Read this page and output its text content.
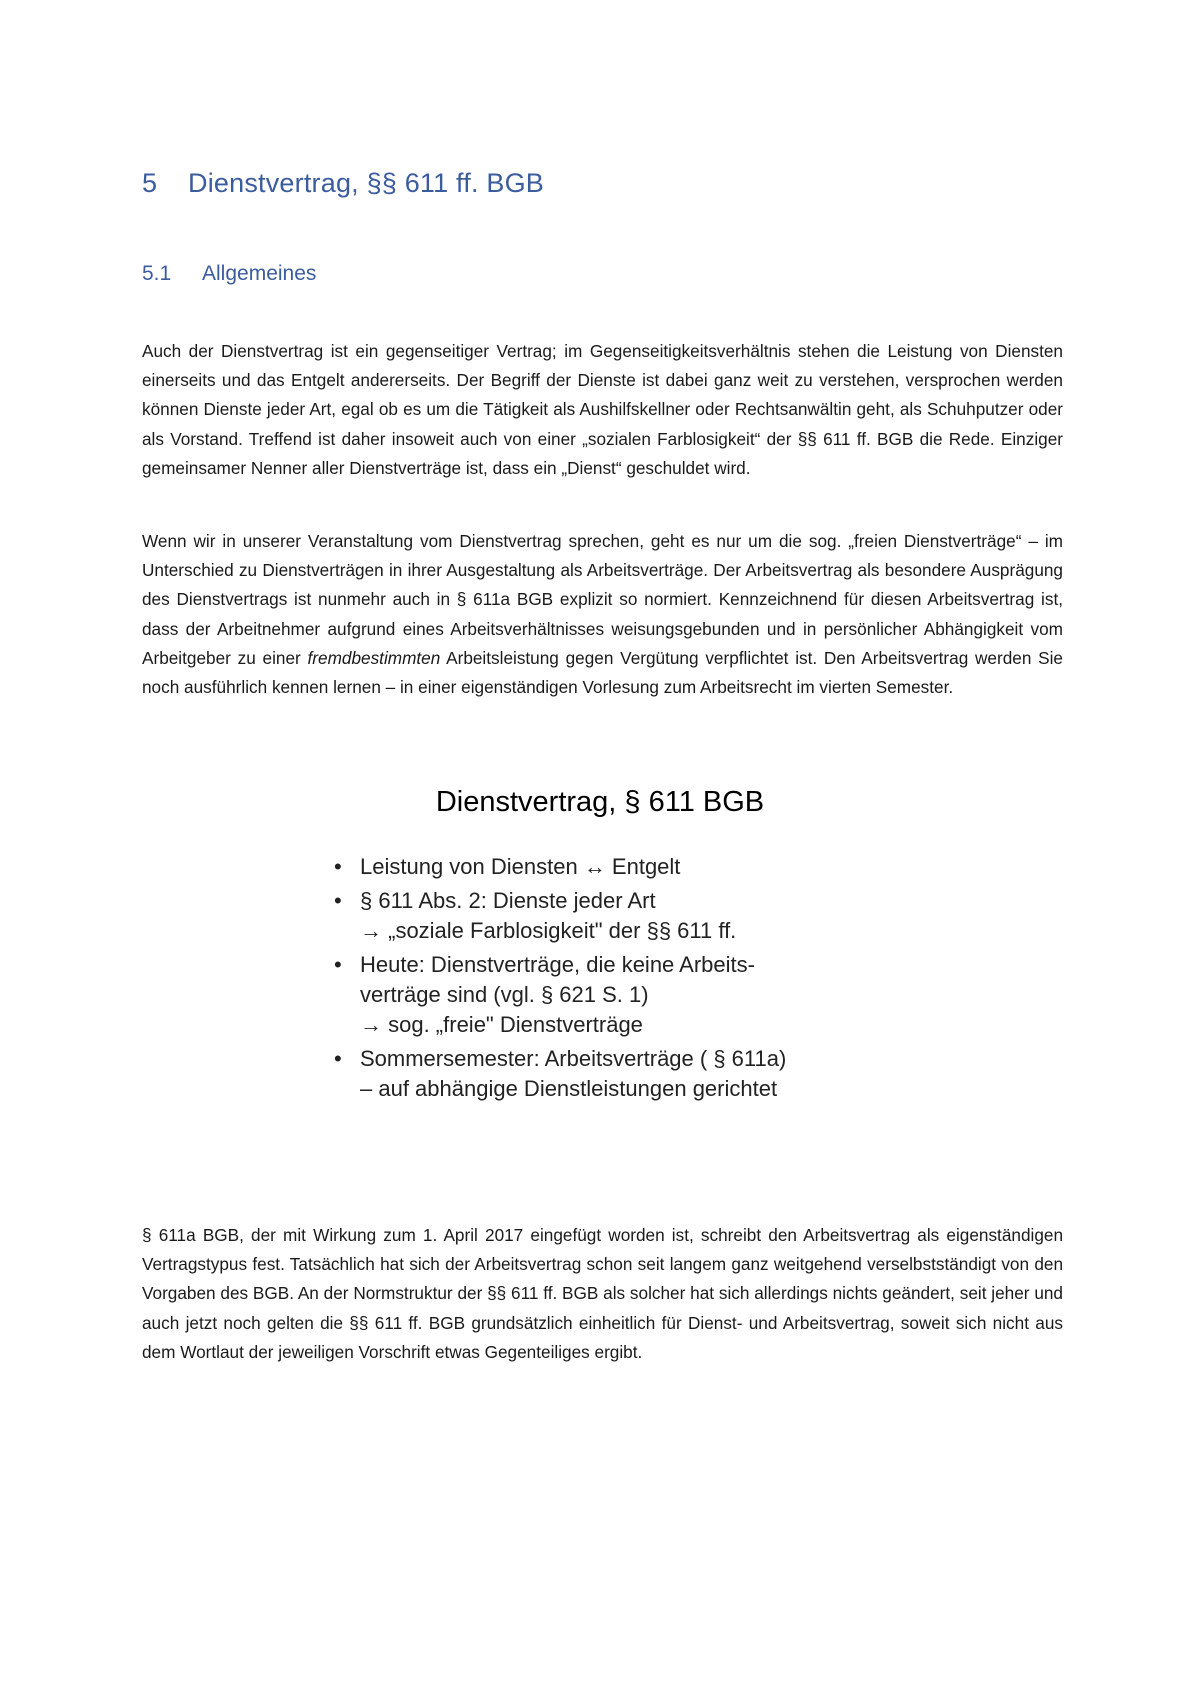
5 Dienstvertrag, §§ 611 ff. BGB
5.1 Allgemeines

Auch der Dienstvertrag ist ein gegenseitiger Vertrag; im Gegenseitigkeitsverhältnis stehen die Leistung von Diensten einerseits und das Entgelt andererseits. Der Begriff der Dienste ist dabei ganz weit zu verstehen, versprochen werden können Dienste jeder Art, egal ob es um die Tätigkeit als Aushilfskellner oder Rechtsanwältin geht, als Schuhputzer oder als Vorstand. Treffend ist daher insoweit auch von einer „sozialen Farblosigkeit“ der §§ 611 ff. BGB die Rede. Einziger gemeinsamer Nenner aller Dienstverträge ist, dass ein „Dienst“ geschuldet wird.

Wenn wir in unserer Veranstaltung vom Dienstvertrag sprechen, geht es nur um die sog. „freien Dienstverträge“ – im Unterschied zu Dienstverträgen in ihrer Ausgestaltung als Arbeitsverträge. Der Arbeitsvertrag als besondere Ausprägung des Dienstvertrags ist nunmehr auch in § 611a BGB explizit so normiert. Kennzeichnend für diesen Arbeitsvertrag ist, dass der Arbeitnehmer aufgrund eines Arbeitsverhältnisses weisungsgebunden und in persönlicher Abhängigkeit vom Arbeitgeber zu einer fremdbestimmten Arbeitsleistung gegen Vergütung verpflichtet ist. Den Arbeitsvertrag werden Sie noch ausführlich kennen lernen – in einer eigenständigen Vorlesung zum Arbeitsrecht im vierten Semester.

Dienstvertrag, § 611 BGB
• Leistung von Diensten ↔ Entgelt
• § 611 Abs. 2: Dienste jeder Art
→ „soziale Farblosigkeit" der §§ 611 ff.
• Heute: Dienstverträge, die keine Arbeits-
verträge sind (vgl. § 621 S. 1)
→ sog. „freie" Dienstverträge
• Sommersemester: Arbeitsverträge ( § 611a)
– auf abhängige Dienstleistungen gerichtet

§ 611a BGB, der mit Wirkung zum 1. April 2017 eingefügt worden ist, schreibt den Arbeitsvertrag als eigenständigen Vertragstypus fest. Tatsächlich hat sich der Arbeitsvertrag schon seit langem ganz weitgehend verselbstständigt von den Vorgaben des BGB. An der Normstruktur der §§ 611 ff. BGB als solcher hat sich allerdings nichts geändert, seit jeher und auch jetzt noch gelten die §§ 611 ff. BGB grundsätzlich einheitlich für Dienst- und Arbeitsvertrag, soweit sich nicht aus dem Wortlaut der jeweiligen Vorschrift etwas Gegenteiliges ergibt.
